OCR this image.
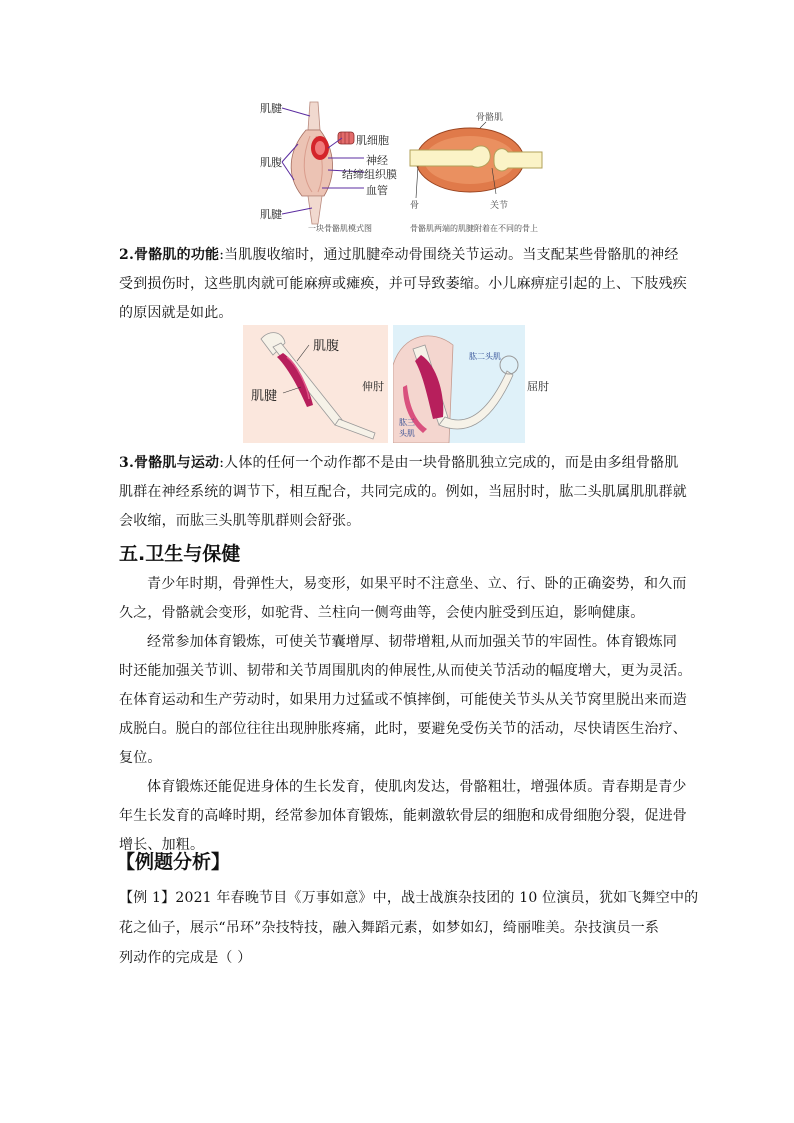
肌腱
肌腹
肌腱
肌细胞
神经
结缔组织膜
血管
一块骨骼肌模式图
骨骼肌
骨	关节
骨骼肌两端的肌腱附着在不同的骨上
2.骨骼肌的功能:当肌腹收缩时，通过肌腱牵动骨围绕关节运动。当支配某些骨骼肌的神经
受到损伤时，这些肌肉就可能麻痹或瘫痪，并可导致萎缩。小儿麻痹症引起的上、下肢残疾
的原因就是如此。
肌腹
肌腱
伸肘
肱二头肌
肱三
头肌
屈肘
3.骨骼肌与运动:人体的任何一个动作都不是由一块骨骼肌独立完成的，而是由多组骨骼肌
肌群在神经系统的调节下，相互配合，共同完成的。例如，当屈肘时，肱二头肌属肌肌群就
会收缩，而肱三头肌等肌群则会舒张。
五.卫生与保健
青少年时期，骨弹性大，易变形，如果平时不注意坐、立、行、卧的正确姿势，和久而
久之，骨骼就会变形，如驼背、兰柱向一侧弯曲等，会使内脏受到压迫，影响健康。
经常参加体育锻炼，可使关节囊增厚、韧带增粗,从而加强关节的牢固性。体育锻炼同
时还能加强关节训、韧带和关节周围肌肉的伸展性,从而使关节活动的幅度增大，更为灵活。
在体育运动和生产劳动时，如果用力过猛或不慎摔倒，可能使关节头从关节窝里脱出来而造
成脱白。脱白的部位往往出现肿胀疼痛，此时，要避免受伤关节的活动，尽快请医生治疗、
复位。
体育锻炼还能促进身体的生长发育，使肌肉发达，骨骼粗壮，增强体质。青春期是青少
年生长发育的高峰时期，经常参加体育锻炼，能刺激软骨层的细胞和成骨细胞分裂，促进骨
增长、加粗。
【例题分析】
【例 1】2021 年春晚节目《万事如意》中，战士战旗杂技团的 10 位演员，犹如飞舞空中的
花之仙子，展示“吊环”杂技特技，融入舞蹈元素，如梦如幻，绮丽唯美。杂技演员一系
列动作的完成是（ ）
